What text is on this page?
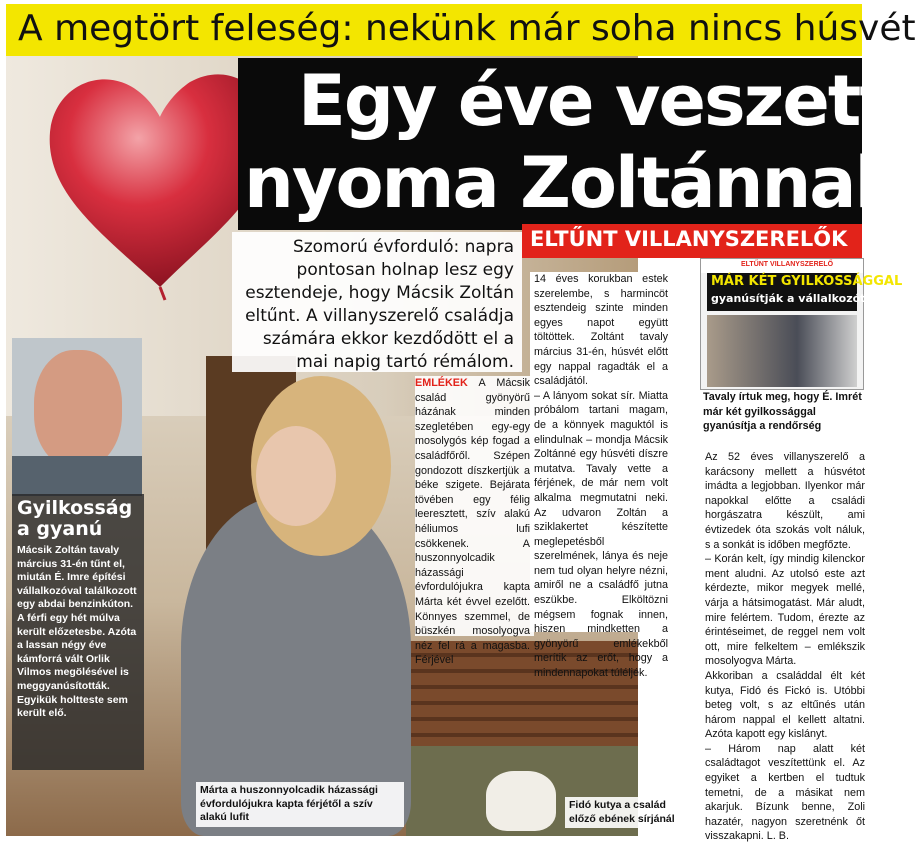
A megtört feleség: nekünk már soha nincs húsvét
Egy éve veszett
nyoma Zoltánnak
ELTŰNT VILLANYSZERELŐK

Szomorú évforduló: napra pontosan holnap lesz egy esztendeje, hogy Mácsik Zoltán eltűnt. A villanyszerelő családja számára ekkor kezdődött el a mai napig tartó rémálom.

Gyilkosság a gyanú

Mácsik Zoltán tavaly március 31-én tűnt el, miután É. Imre építési vállalkozóval találkozott egy abdai benzinkúton. A férfi egy hét múlva került előzetesbe. Azóta a lassan négy éve kámforrá vált Orlik Vilmos megölésével is meggyanúsították. Egyikük holtteste sem került elő.

EMLÉKEK A Mácsik család gyönyörű házának minden szegletében egy-egy mosolygós kép fogad a családfőről. Szépen gondozott díszkertjük a béke szigete. Bejárata tövében egy félig leeresztett, szív alakú héliumos lufi csökkenek. A huszonnyolcadik házassági évfordulójukra kapta Márta két évvel ezelőtt. Könnyes szemmel, de büszkén mosolyogva néz fel rá a magasba. Férjével

14 éves korukban estek szerelembe, s harmincöt esztendeig szinte minden egyes napot együtt töltöttek. Zoltánt tavaly március 31-én, húsvét előtt egy nappal ragadták el a családjától.
– A lányom sokat sír. Miatta próbálom tartani magam, de a könnyek maguktól is elindulnak – mondja Mácsik Zoltánné egy húsvéti díszre mutatva. Tavaly vette a férjének, de már nem volt alkalma megmutatni neki. Az udvaron Zoltán a sziklakertet készítette meglepetésből szerelmének, lánya és neje nem tud olyan helyre nézni, amiről ne a családfő jutna eszükbe. Elköltözni mégsem fognak innen, hiszen mindketten a gyönyörű emlékekből merítik az erőt, hogy a mindennapokat túléljék.

ELTŰNT VILLANYSZERELŐ
MÁR KÉT GYILKOSSÁGGAL
gyanúsítják a vállalkozót
Tavaly írtuk meg, hogy É. Imrét már két gyilkossággal gyanúsítja a rendőrség

Az 52 éves villanyszerelő a karácsony mellett a húsvétot imádta a legjobban. Ilyenkor már napokkal előtte a családi horgászatra készült, ami évtizedek óta szokás volt náluk, s a sonkát is időben megfőzte.
– Korán kelt, így mindig kilenckor ment aludni. Az utolsó este azt kérdezte, mikor megyek mellé, várja a hátsimogatást. Már aludt, mire felértem. Tudom, érezte az érintéseimet, de reggel nem volt ott, mire felkeltem – emlékszik mosolyogva Márta.
Akkoriban a családdal élt két kutya, Fidó és Fickó is. Utóbbi beteg volt, s az eltűnés után három nappal el kellett altatni. Azóta kapott egy kislányt.
– Három nap alatt két családtagot veszítettünk el. Az egyiket a kertben el tudtuk temetni, de a másikat nem akarjuk. Bízunk benne, Zoli hazatér, nagyon szeretnénk őt visszakapni. L. B.

Márta a huszonnyolcadik házassági évfordulójukra kapta férjétől a szív alakú lufit
Fidó kutya a család előző ebének sírjánál
